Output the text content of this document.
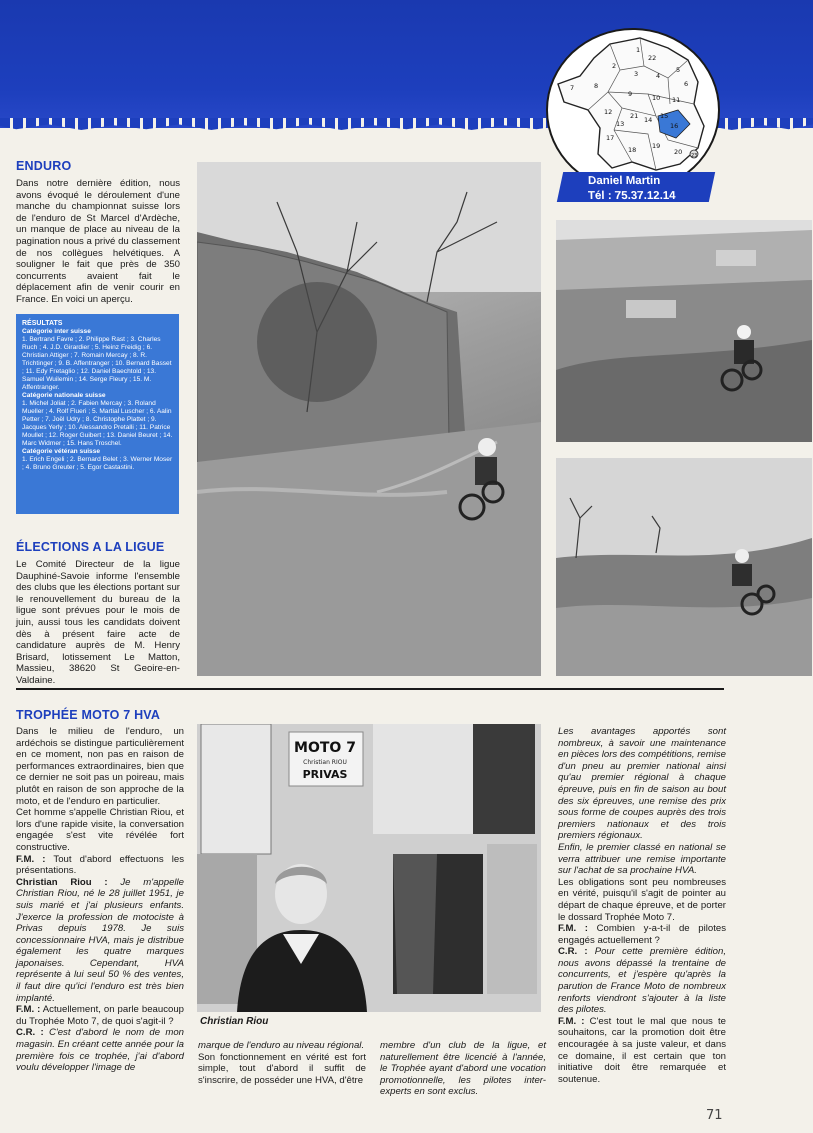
1
2
3	4
5
6
7	8
9	10 11
12
13	14 15
16
17
18 19
20
21
22
23
Daniel Martin
Tél : 75.37.12.14
ENDURO

Dans notre dernière édition, nous avons évoqué le déroulement d'une manche du championnat suisse lors de l'enduro de St Marcel d'Ardèche, un manque de place au niveau de la pagination nous a privé du classement de nos collègues helvétiques. A souligner le fait que près de 350 concurrents avaient fait le déplacement afin de venir courir en France. En voici un aperçu.

RÉSULTATS
Catégorie inter suisse
1. Bertrand Favre ; 2. Philippe Rast ; 3. Charles Ruch ; 4. J.D. Girardier ; 5. Heinz Freidig ; 6. Christian Attiger ; 7. Romain Mercay ; 8. R. Trichtinger ; 9. B. Affentranger ; 10. Bernard Basset ; 11. Edy Fretaglio ; 12. Daniel Baechtold ; 13. Samuel Wuilemin ; 14. Serge Fleury ; 15. M. Affentranger.
Catégorie nationale suisse
1. Michel Joliat ; 2. Fabien Mercay ; 3. Roland Mueller ; 4. Rolf Flueri ; 5. Martial Luscher ; 6. Aalin Petter ; 7. Joël Udry ; 8. Christophe Plattet ; 9. Jacques Yerly ; 10. Alessandro Pretalli ; 11. Patrice Moullet ; 12. Roger Guibert ; 13. Daniel Beuret ; 14. Marc Widmer ; 15. Hans Troschel.
Catégorie vétéran suisse
1. Erich Engeli ; 2. Bernard Belet ; 3. Werner Moser ; 4. Bruno Greuter ; 5. Egor Castastini.
ÉLECTIONS A LA LIGUE

Le Comité Directeur de la ligue Dauphiné-Savoie informe l'ensemble des clubs que les élections portant sur le renouvellement du bureau de la ligue sont prévues pour le mois de juin, aussi tous les candidats doivent dès à présent faire acte de candidature auprès de M. Henry Brisard, lotissement Le Matton, Massieu, 38620 St Geoire-en-Valdaine.

TROPHÉE MOTO 7 HVA

Dans le milieu de l'enduro, un ardéchois se distingue particulièrement en ce moment, non pas en raison de performances extraordinaires, bien que ce dernier ne soit pas un poireau, mais plutôt en raison de son approche de la moto, et de l'enduro en particulier.

Cet homme s'appelle Christian Riou, et lors d'une rapide visite, la conversation engagée s'est vite révélée fort constructive.

F.M. : Tout d'abord effectuons les présentations.

Christian Riou : Je m'appelle Christian Riou, né le 28 juillet 1951, je suis marié et j'ai plusieurs enfants. J'exerce la profession de motociste à Privas depuis 1978. Je suis concessionnaire HVA, mais je distribue également les quatre marques japonaises. Cependant, HVA représente à lui seul 50 % des ventes, il faut dire qu'ici l'enduro est très bien implanté.

F.M. : Actuellement, on parle beaucoup du Trophée Moto 7, de quoi s'agit-il ?

C.R. : C'est d'abord le nom de mon magasin. En créant cette année pour la première fois ce trophée, j'ai d'abord voulu développer l'image de

MOTO 7
Christian RIOU
PRIVAS
Christian Riou

marque de l'enduro au niveau régional.

Son fonctionnement en vérité est fort simple, tout d'abord il suffit de s'inscrire, de posséder une HVA, d'être

membre d'un club de la ligue, et naturellement être licencié à l'année, le Trophée ayant d'abord une vocation promotionnelle, les pilotes inter-experts en sont exclus.

Les avantages apportés sont nombreux, à savoir une maintenance en pièces lors des compétitions, remise d'un pneu au premier national ainsi qu'au premier régional à chaque épreuve, puis en fin de saison au bout des six épreuves, une remise des prix sous forme de coupes auprès des trois premiers nationaux et des trois premiers régionaux.

Enfin, le premier classé en national se verra attribuer une remise importante sur l'achat de sa prochaine HVA.

Les obligations sont peu nombreuses en vérité, puisqu'il s'agit de pointer au départ de chaque épreuve, et de porter le dossard Trophée Moto 7.

F.M. : Combien y-a-t-il de pilotes engagés actuellement ?

C.R. : Pour cette première édition, nous avons dépassé la trentaine de concurrents, et j'espère qu'après la parution de France Moto de nombreux renforts viendront s'ajouter à la liste des pilotes.

F.M. : C'est tout le mal que nous te souhaitons, car la promotion doit être encouragée à sa juste valeur, et dans ce domaine, il est certain que ton initiative doit être remarquée et soutenue.

71
